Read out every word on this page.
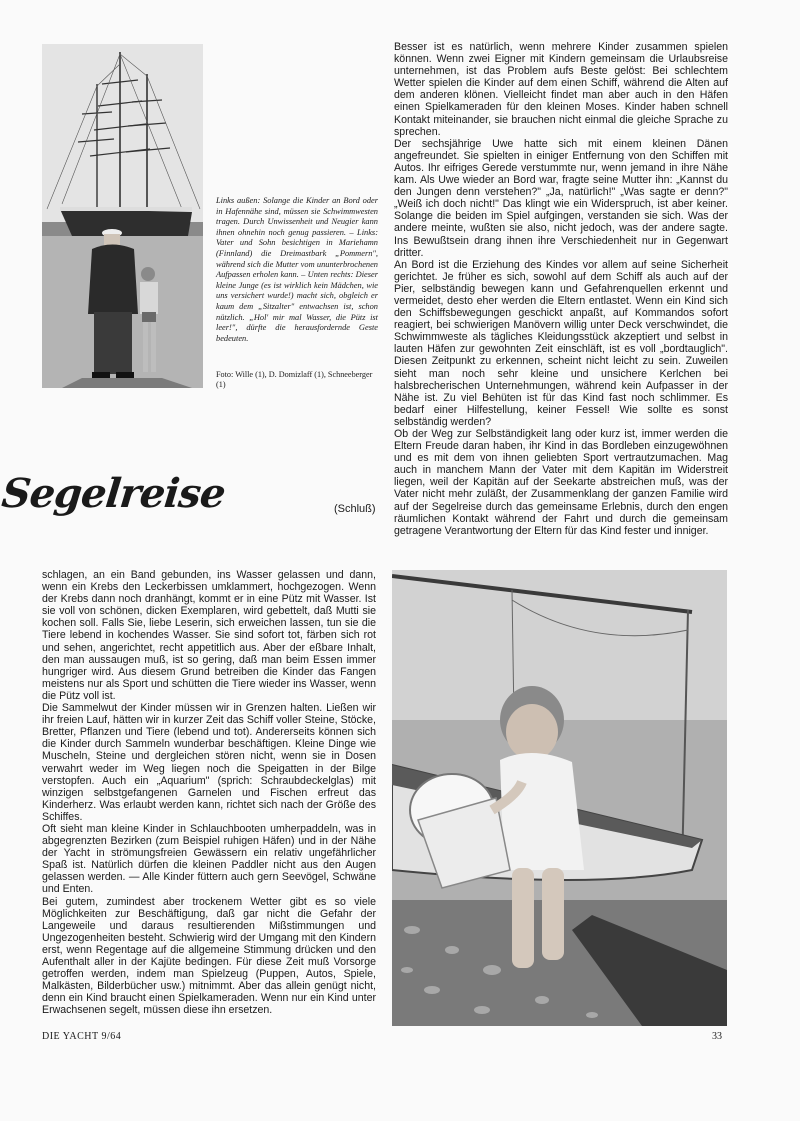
Links außen: Solange die Kinder an Bord oder in Hafennähe sind, müssen sie Schwimmwesten tragen. Durch Unwissenheit und Neugier kann ihnen ohnehin noch genug passieren. – Links: Vater und Sohn besichtigen in Mariehamn (Finnland) die Dreimastbark „Pommern", während sich die Mutter vom ununterbrochenen Aufpassen erholen kann. – Unten rechts: Dieser kleine Junge (es ist wirklich kein Mädchen, wie uns versichert wurde!) macht sich, obgleich er kaum dem „Sitzalter" entwachsen ist, schon nützlich. „Hol' mir mal Wasser, die Pütz ist leer!", dürfte die herausfordernde Geste bedeuten.
Foto: Wille (1), D. Domizlaff (1), Schneeberger (1)

Besser ist es natürlich, wenn mehrere Kinder zusammen spielen können. Wenn zwei Eigner mit Kindern gemeinsam die Urlaubsreise unternehmen, ist das Problem aufs Beste gelöst: Bei schlechtem Wetter spielen die Kinder auf dem einen Schiff, während die Alten auf dem anderen klönen. Vielleicht findet man aber auch in den Häfen einen Spielkameraden für den kleinen Moses. Kinder haben schnell Kontakt miteinander, sie brauchen nicht einmal die gleiche Sprache zu sprechen.

Der sechsjährige Uwe hatte sich mit einem kleinen Dänen angefreundet. Sie spielten in einiger Entfernung von den Schiffen mit Autos. Ihr eifriges Gerede verstummte nur, wenn jemand in ihre Nähe kam. Als Uwe wieder an Bord war, fragte seine Mutter ihn: „Kannst du den Jungen denn verstehen?" „Ja, natürlich!" „Was sagte er denn?" „Weiß ich doch nicht!" Das klingt wie ein Widerspruch, ist aber keiner. Solange die beiden im Spiel aufgingen, verstanden sie sich. Was der andere meinte, wußten sie also, nicht jedoch, was der andere sagte. Ins Bewußtsein drang ihnen ihre Verschiedenheit nur in Gegenwart dritter.

An Bord ist die Erziehung des Kindes vor allem auf seine Sicherheit gerichtet. Je früher es sich, sowohl auf dem Schiff als auch auf der Pier, selbständig bewegen kann und Gefahrenquellen erkennt und vermeidet, desto eher werden die Eltern entlastet. Wenn ein Kind sich den Schiffsbewegungen geschickt anpaßt, auf Kommandos sofort reagiert, bei schwierigen Manövern willig unter Deck verschwindet, die Schwimmweste als tägliches Kleidungsstück akzeptiert und selbst in lauten Häfen zur gewohnten Zeit einschläft, ist es voll „bordtauglich". Diesen Zeitpunkt zu erkennen, scheint nicht leicht zu sein. Zuweilen sieht man noch sehr kleine und unsichere Kerlchen bei halsbrecherischen Unternehmungen, während kein Aufpasser in der Nähe ist. Zu viel Behüten ist für das Kind fast noch schlimmer. Es bedarf einer Hilfestellung, keiner Fessel! Wie sollte es sonst selbständig werden?

Ob der Weg zur Selbständigkeit lang oder kurz ist, immer werden die Eltern Freude daran haben, ihr Kind in das Bordleben einzugewöhnen und es mit dem von ihnen geliebten Sport vertrautzumachen. Mag auch in manchem Mann der Vater mit dem Kapitän im Widerstreit liegen, weil der Kapitän auf der Seekarte abstreichen muß, was der Vater nicht mehr zuläßt, der Zusammenklang der ganzen Familie wird auf der Segelreise durch das gemeinsame Erlebnis, durch den engen räumlichen Kontakt während der Fahrt und durch die gemeinsam getragene Verantwortung der Eltern für das Kind fester und inniger.

Segelreise	(Schluß)

schlagen, an ein Band gebunden, ins Wasser gelassen und dann, wenn ein Krebs den Leckerbissen umklammert, hochgezogen. Wenn der Krebs dann noch dranhängt, kommt er in eine Pütz mit Wasser. Ist sie voll von schönen, dicken Exemplaren, wird gebettelt, daß Mutti sie kochen soll. Falls Sie, liebe Leserin, sich erweichen lassen, tun sie die Tiere lebend in kochendes Wasser. Sie sind sofort tot, färben sich rot und sehen, angerichtet, recht appetitlich aus. Aber der eßbare Inhalt, den man aussaugen muß, ist so gering, daß man beim Essen immer hungriger wird. Aus diesem Grund betreiben die Kinder das Fangen meistens nur als Sport und schütten die Tiere wieder ins Wasser, wenn die Pütz voll ist.

Die Sammelwut der Kinder müssen wir in Grenzen halten. Ließen wir ihr freien Lauf, hätten wir in kurzer Zeit das Schiff voller Steine, Stöcke, Bretter, Pflanzen und Tiere (lebend und tot). Andererseits können sich die Kinder durch Sammeln wunderbar beschäftigen. Kleine Dinge wie Muscheln, Steine und dergleichen stören nicht, wenn sie in Dosen verwahrt weder im Weg liegen noch die Speigatten in der Bilge verstopfen. Auch ein „Aquarium" (sprich: Schraubdeckelglas) mit winzigen selbstgefangenen Garnelen und Fischen erfreut das Kinderherz. Was erlaubt werden kann, richtet sich nach der Größe des Schiffes.

Oft sieht man kleine Kinder in Schlauchbooten umherpaddeln, was in abgegrenzten Bezirken (zum Beispiel ruhigen Häfen) und in der Nähe der Yacht in strömungsfreien Gewässern ein relativ ungefährlicher Spaß ist. Natürlich dürfen die kleinen Paddler nicht aus den Augen gelassen werden. — Alle Kinder füttern auch gern Seevögel, Schwäne und Enten.

Bei gutem, zumindest aber trockenem Wetter gibt es so viele Möglichkeiten zur Beschäftigung, daß gar nicht die Gefahr der Langeweile und daraus resultierenden Mißstimmungen und Ungezogenheiten besteht. Schwierig wird der Umgang mit den Kindern erst, wenn Regentage auf die allgemeine Stimmung drücken und den Aufenthalt aller in der Kajüte bedingen. Für diese Zeit muß Vorsorge getroffen werden, indem man Spielzeug (Puppen, Autos, Spiele, Malkästen, Bilderbücher usw.) mitnimmt. Aber das allein genügt nicht, denn ein Kind braucht einen Spielkameraden. Wenn nur ein Kind unter Erwachsenen segelt, müssen diese ihn ersetzen.

DIE YACHT 9/64	33
